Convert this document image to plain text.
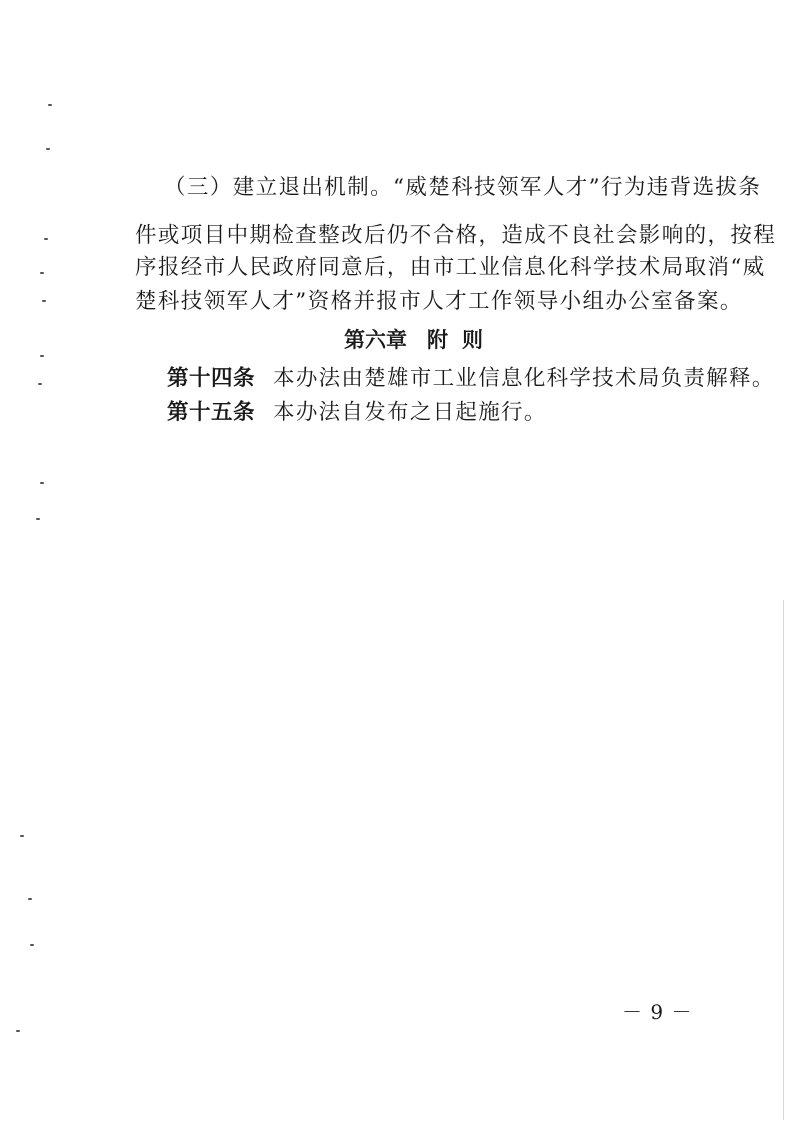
（三）建立退出机制。“威楚科技领军人才”行为违背选拔条
件或项目中期检查整改后仍不合格，造成不良社会影响的，按程
序报经市人民政府同意后，由市工业信息化科学技术局取消“威
楚科技领军人才”资格并报市人才工作领导小组办公室备案。
第六章 附 则
第十四条 本办法由楚雄市工业信息化科学技术局负责解释。
第十五条 本办法自发布之日起施行。
－ 9 －
